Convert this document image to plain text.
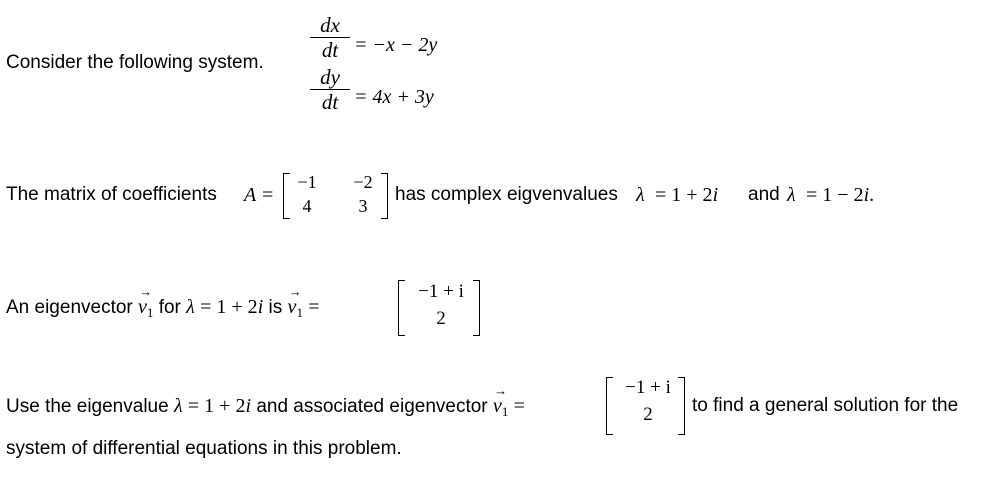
Consider the following system.
dx
dt = −x − 2y
dy
dt = 4x + 3y
The matrix of coefficients A =
−1	−2
4	3
has complex eigvenvalues λ = 1 + 2i and λ = 1 − 2i.
An eigenvector → $v_1$ for λ = 1 + 2i is → $v_1$ =
−1 + i
2
Use the eigenvalue λ = 1 + 2i and associated eigenvector → $v_1$ =
−1 + i
2	to find a general solution for the
system of differential equations in this problem.
